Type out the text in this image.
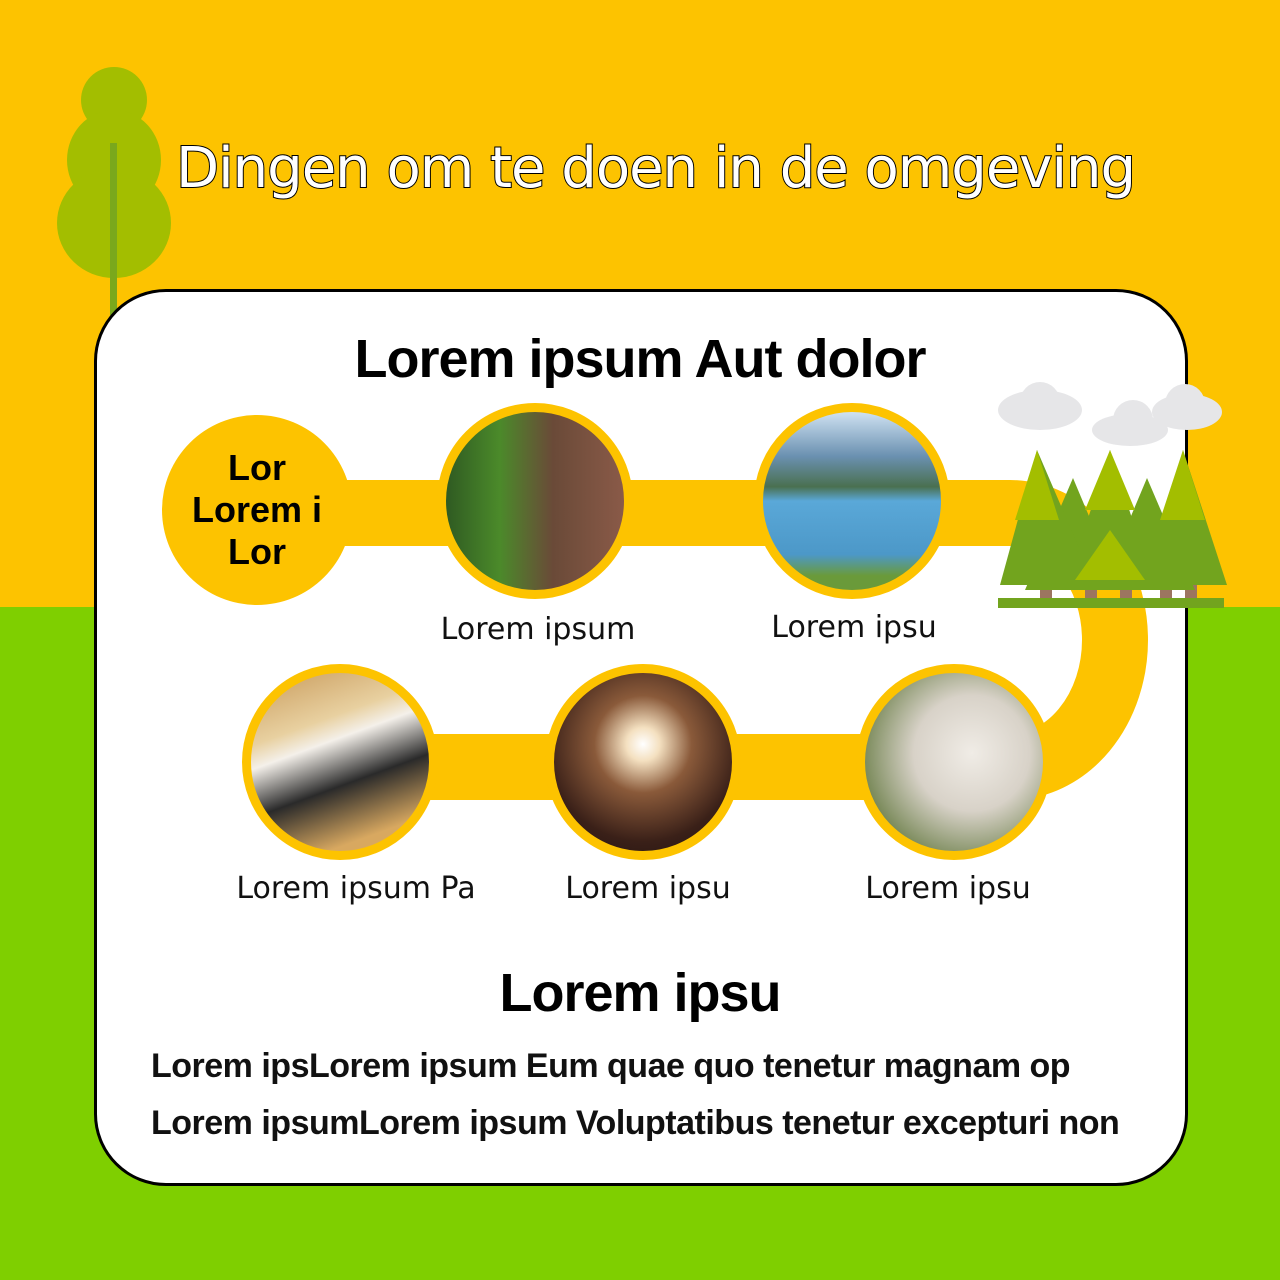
Dingen om te doen in de omgeving
Lorem ipsum Aut dolor
Lor
Lorem i
Lor
Lorem ipsum	Lorem ipsu
Lorem ipsu
Lorem ipsu
Lorem ipsum Pa
Lorem ipsu
Lorem ipsLorem ipsum Eum quae quo tenetur magnam op
Lorem ipsumLorem ipsum Voluptatibus tenetur excepturi non
